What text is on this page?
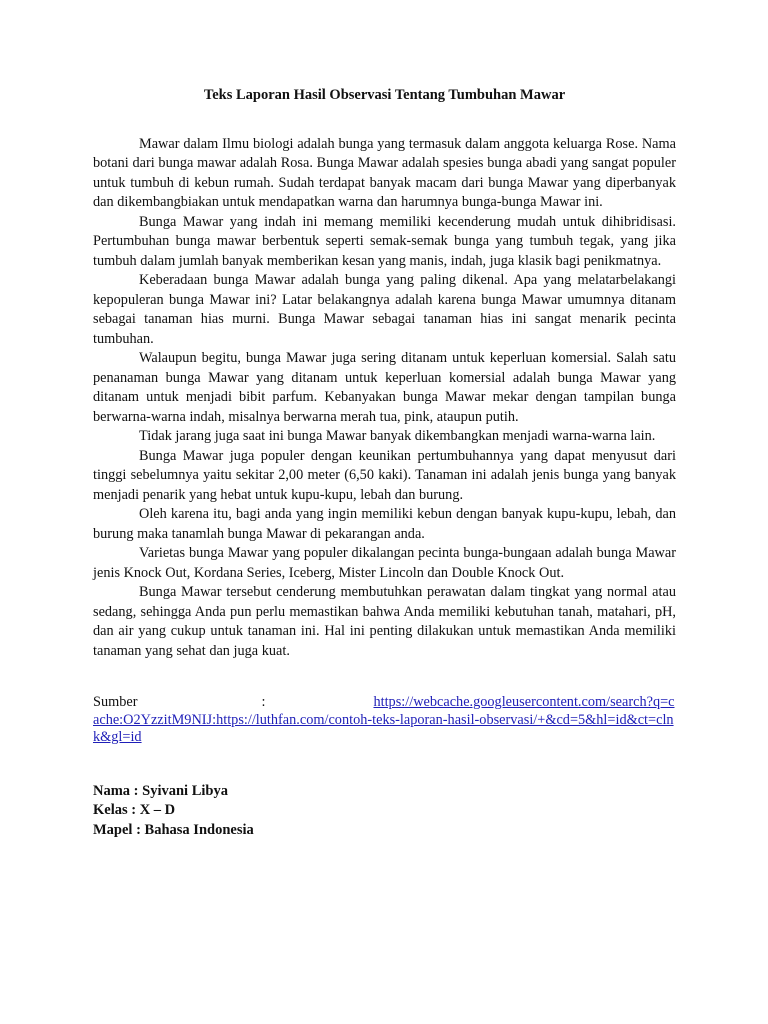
Teks Laporan Hasil Observasi Tentang Tumbuhan Mawar

Mawar dalam Ilmu biologi adalah bunga yang termasuk dalam anggota keluarga Rose. Nama botani dari bunga mawar adalah Rosa. Bunga Mawar adalah spesies bunga abadi yang sangat populer untuk tumbuh di kebun rumah. Sudah terdapat banyak macam dari bunga Mawar yang diperbanyak dan dikembangbiakan untuk mendapatkan warna dan harumnya bunga-bunga Mawar ini.

Bunga Mawar yang indah ini memang memiliki kecenderung mudah untuk dihibridisasi. Pertumbuhan bunga mawar berbentuk seperti semak-semak bunga yang tumbuh tegak, yang jika tumbuh dalam jumlah banyak memberikan kesan yang manis, indah, juga klasik bagi penikmatnya.

Keberadaan bunga Mawar adalah bunga yang paling dikenal. Apa yang melatarbelakangi kepopuleran bunga Mawar ini? Latar belakangnya adalah karena bunga Mawar umumnya ditanam sebagai tanaman hias murni. Bunga Mawar sebagai tanaman hias ini sangat menarik pecinta tumbuhan.

Walaupun begitu, bunga Mawar juga sering ditanam untuk keperluan komersial. Salah satu penanaman bunga Mawar yang ditanam untuk keperluan komersial adalah bunga Mawar yang ditanam untuk menjadi bibit parfum. Kebanyakan bunga Mawar mekar dengan tampilan bunga berwarna-warna indah, misalnya berwarna merah tua, pink, ataupun putih.

Tidak jarang juga saat ini bunga Mawar banyak dikembangkan menjadi warna-warna lain.

Bunga Mawar juga populer dengan keunikan pertumbuhannya yang dapat menyusut dari tinggi sebelumnya yaitu sekitar 2,00 meter (6,50 kaki). Tanaman ini adalah jenis bunga yang banyak menjadi penarik yang hebat untuk kupu-kupu, lebah dan burung.

Oleh karena itu, bagi anda yang ingin memiliki kebun dengan banyak kupu-kupu, lebah, dan burung maka tanamlah bunga Mawar di pekarangan anda.

Varietas bunga Mawar yang populer dikalangan pecinta bunga-bungaan adalah bunga Mawar jenis Knock Out, Kordana Series, Iceberg, Mister Lincoln dan Double Knock Out.

Bunga Mawar tersebut cenderung membutuhkan perawatan dalam tingkat yang normal atau sedang, sehingga Anda pun perlu memastikan bahwa Anda memiliki kebutuhan tanah, matahari, pH, dan air yang cukup untuk tanaman ini. Hal ini penting dilakukan untuk memastikan Anda memiliki tanaman yang sehat dan juga kuat.

Sumber	:	https://webcache.googleusercontent.com/search?q=cache:O2YzzitM9NIJ:https://luthfan.com/contoh-teks-laporan-hasil-observasi/+&cd=5&hl=id&ct=clnk&gl=id
Nama : Syivani Libya
Kelas : X – D
Mapel : Bahasa Indonesia
